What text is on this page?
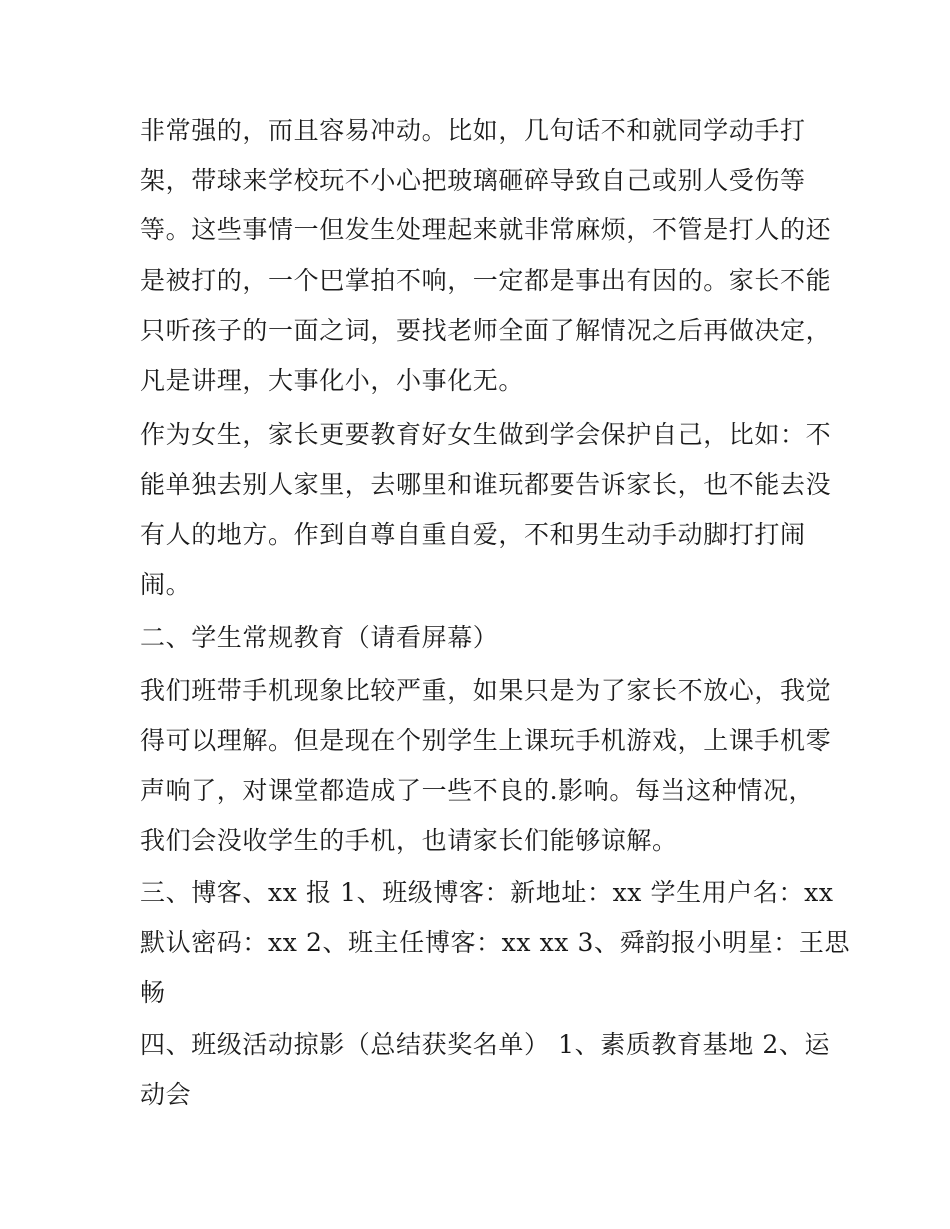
非常强的，而且容易冲动。比如，几句话不和就同学动手打
架，带球来学校玩不小心把玻璃砸碎导致自己或别人受伤等
等。这些事情一但发生处理起来就非常麻烦，不管是打人的还
是被打的，一个巴掌拍不响，一定都是事出有因的。家长不能
只听孩子的一面之词，要找老师全面了解情况之后再做决定，
凡是讲理，大事化小，小事化无。
作为女生，家长更要教育好女生做到学会保护自己，比如：不
能单独去别人家里，去哪里和谁玩都要告诉家长，也不能去没
有人的地方。作到自尊自重自爱，不和男生动手动脚打打闹
闹。
二、学生常规教育（请看屏幕）
我们班带手机现象比较严重，如果只是为了家长不放心，我觉
得可以理解。但是现在个别学生上课玩手机游戏，上课手机零
声响了，对课堂都造成了一些不良的.影响。每当这种情况，
我们会没收学生的手机，也请家长们能够谅解。
三、博客、xx 报 1、班级博客：新地址：xx 学生用户名：xx
默认密码：xx 2、班主任博客：xx xx 3、舜韵报小明星：王思
畅
四、班级活动掠影（总结获奖名单） 1、素质教育基地 2、运
动会
